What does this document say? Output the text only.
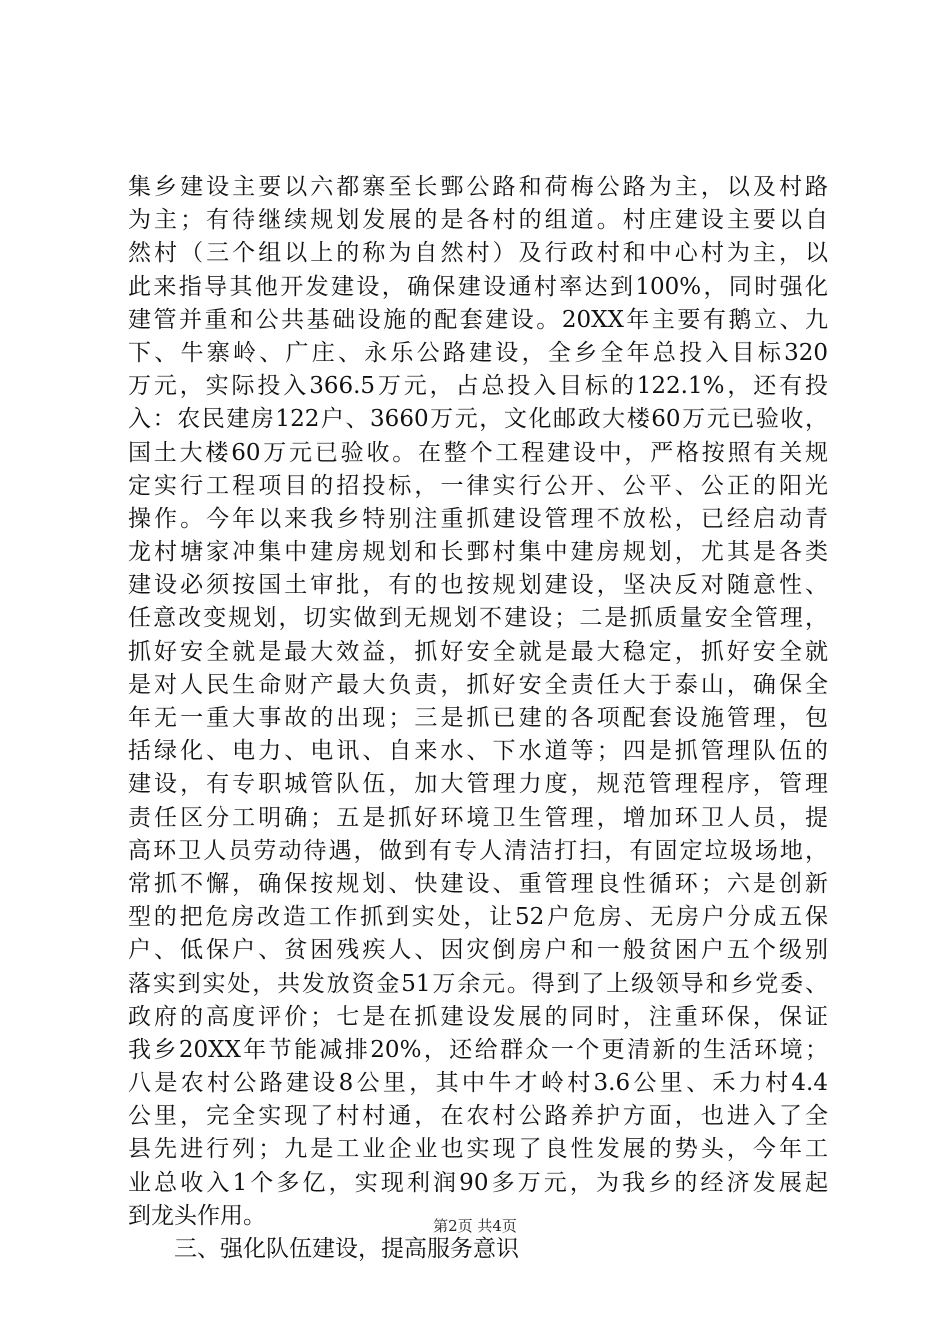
集乡建设主要以六都寨至长鄄公路和荷梅公路为主，以及村路
为主；有待继续规划发展的是各村的组道。村庄建设主要以自
然村（三个组以上的称为自然村）及行政村和中心村为主，以
此来指导其他开发建设，确保建设通村率达到100%，同时强化
建管并重和公共基础设施的配套建设。20XX年主要有鹅立、九
下、牛寨岭、广庄、永乐公路建设，全乡全年总投入目标320
万元，实际投入366.5万元，占总投入目标的122.1%，还有投
入：农民建房122户、3660万元，文化邮政大楼60万元已验收，
国土大楼60万元已验收。在整个工程建设中，严格按照有关规
定实行工程项目的招投标，一律实行公开、公平、公正的阳光
操作。今年以来我乡特别注重抓建设管理不放松，已经启动青
龙村塘家冲集中建房规划和长鄄村集中建房规划，尤其是各类
建设必须按国土审批，有的也按规划建设，坚决反对随意性、
任意改变规划，切实做到无规划不建设；二是抓质量安全管理，
抓好安全就是最大效益，抓好安全就是最大稳定，抓好安全就
是对人民生命财产最大负责，抓好安全责任大于泰山，确保全
年无一重大事故的出现；三是抓已建的各项配套设施管理，包
括绿化、电力、电讯、自来水、下水道等；四是抓管理队伍的
建设，有专职城管队伍，加大管理力度，规范管理程序，管理
责任区分工明确；五是抓好环境卫生管理，增加环卫人员，提
高环卫人员劳动待遇，做到有专人清洁打扫，有固定垃圾场地，
常抓不懈，确保按规划、快建设、重管理良性循环；六是创新
型的把危房改造工作抓到实处，让52户危房、无房户分成五保
户、低保户、贫困残疾人、因灾倒房户和一般贫困户五个级别
落实到实处，共发放资金51万余元。得到了上级领导和乡党委、
政府的高度评价；七是在抓建设发展的同时，注重环保，保证
我乡20XX年节能减排20%，还给群众一个更清新的生活环境；
八是农村公路建设8公里，其中牛才岭村3.6公里、禾力村4.4
公里，完全实现了村村通，在农村公路养护方面，也进入了全
县先进行列；九是工业企业也实现了良性发展的势头，今年工
业总收入1个多亿，实现利润90多万元，为我乡的经济发展起
到龙头作用。
三、强化队伍建设，提高服务意识
第2页 共4页
